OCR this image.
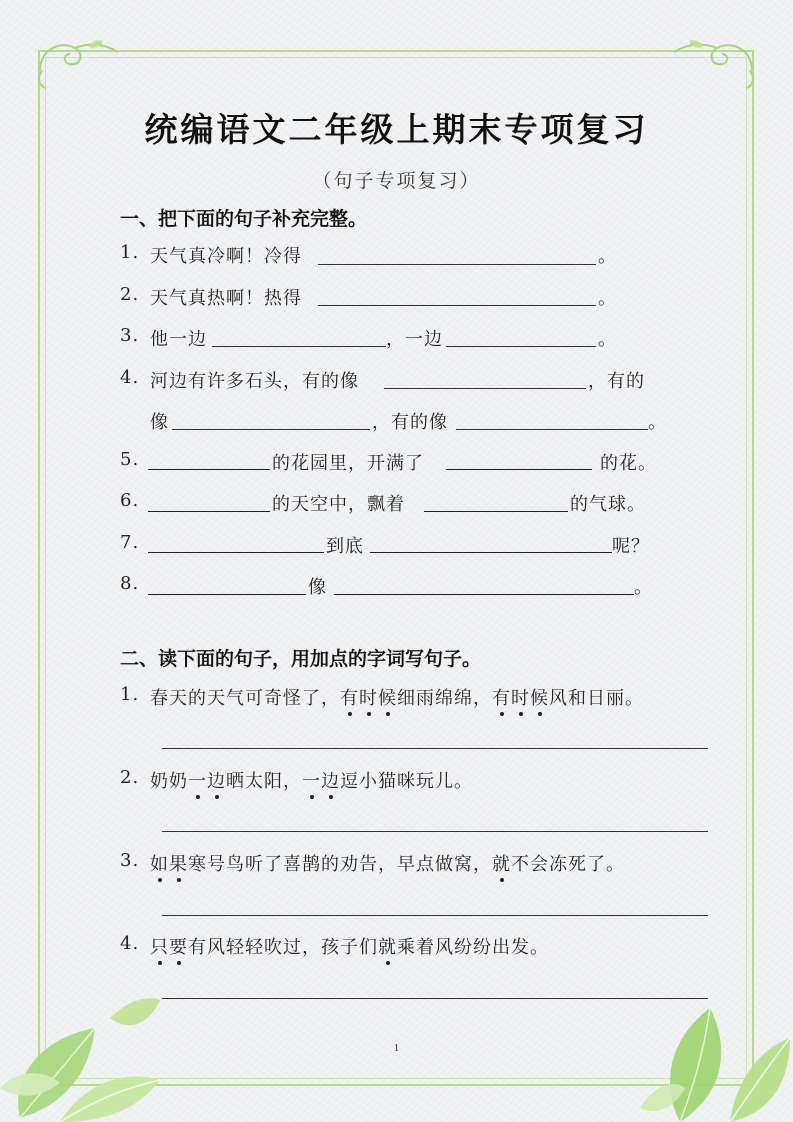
统编语文二年级上期末专项复习
（句子专项复习）
一、把下面的句子补充完整。
1. 天气真冷啊！冷得	。
2. 天气真热啊！热得	。
3. 他一边	，一边	。
4. 河边有许多石头，有的像	，有的
像	，有的像	。
5.	的花园里，开满了	的花。
6.	的天空中，飘着	的气球。
7.	到底	呢？
8.	像	。
二、读下面的句子，用加点的字词写句子。
1. 春天的天气可奇怪了，有时候细雨绵绵，有时候风和日丽。
2. 奶奶一边晒太阳，一边逗小猫咪玩儿。
3. 如果寒号鸟听了喜鹊的劝告，早点做窝，就不会冻死了。
4. 只要有风轻轻吹过，孩子们就乘着风纷纷出发。
1
